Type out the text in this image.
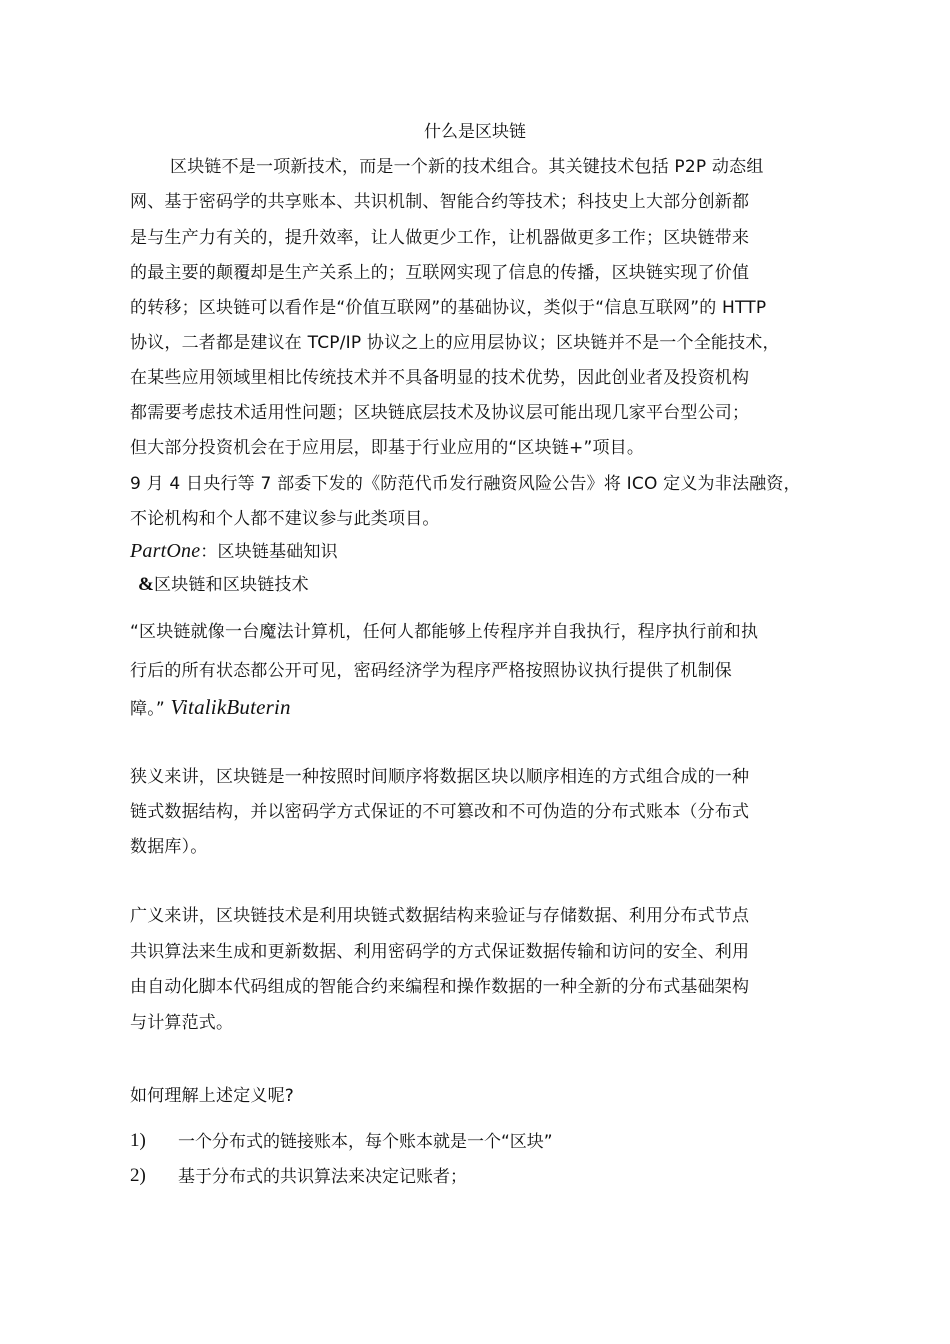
什么是区块链
区块链不是一项新技术，而是一个新的技术组合。其关键技术包括 P2P 动态组
网、基于密码学的共享账本、共识机制、智能合约等技术；科技史上大部分创新都
是与生产力有关的，提升效率，让人做更少工作，让机器做更多工作；区块链带来
的最主要的颠覆却是生产关系上的；互联网实现了信息的传播，区块链实现了价值
的转移；区块链可以看作是“价值互联网”的基础协议，类似于“信息互联网”的 HTTP
协议，二者都是建议在 TCP/IP 协议之上的应用层协议；区块链并不是一个全能技术，
在某些应用领域里相比传统技术并不具备明显的技术优势，因此创业者及投资机构
都需要考虑技术适用性问题；区块链底层技术及协议层可能出现几家平台型公司；
但大部分投资机会在于应用层，即基于行业应用的“区块链+”项目。
9 月 4 日央行等 7 部委下发的《防范代币发行融资风险公告》将 ICO 定义为非法融资，
不论机构和个人都不建议参与此类项目。
PartOne：区块链基础知识
&区块链和区块链技术
“区块链就像一台魔法计算机，任何人都能够上传程序并自我执行，程序执行前和执
行后的所有状态都公开可见，密码经济学为程序严格按照协议执行提供了机制保
障。” VitalikButerin
狭义来讲，区块链是一种按照时间顺序将数据区块以顺序相连的方式组合成的一种
链式数据结构，并以密码学方式保证的不可篡改和不可伪造的分布式账本（分布式
数据库）。
广义来讲，区块链技术是利用块链式数据结构来验证与存储数据、利用分布式节点
共识算法来生成和更新数据、利用密码学的方式保证数据传输和访问的安全、利用
由自动化脚本代码组成的智能合约来编程和操作数据的一种全新的分布式基础架构
与计算范式。
如何理解上述定义呢?
1) 一个分布式的链接账本，每个账本就是一个“区块”
2) 基于分布式的共识算法来决定记账者；
